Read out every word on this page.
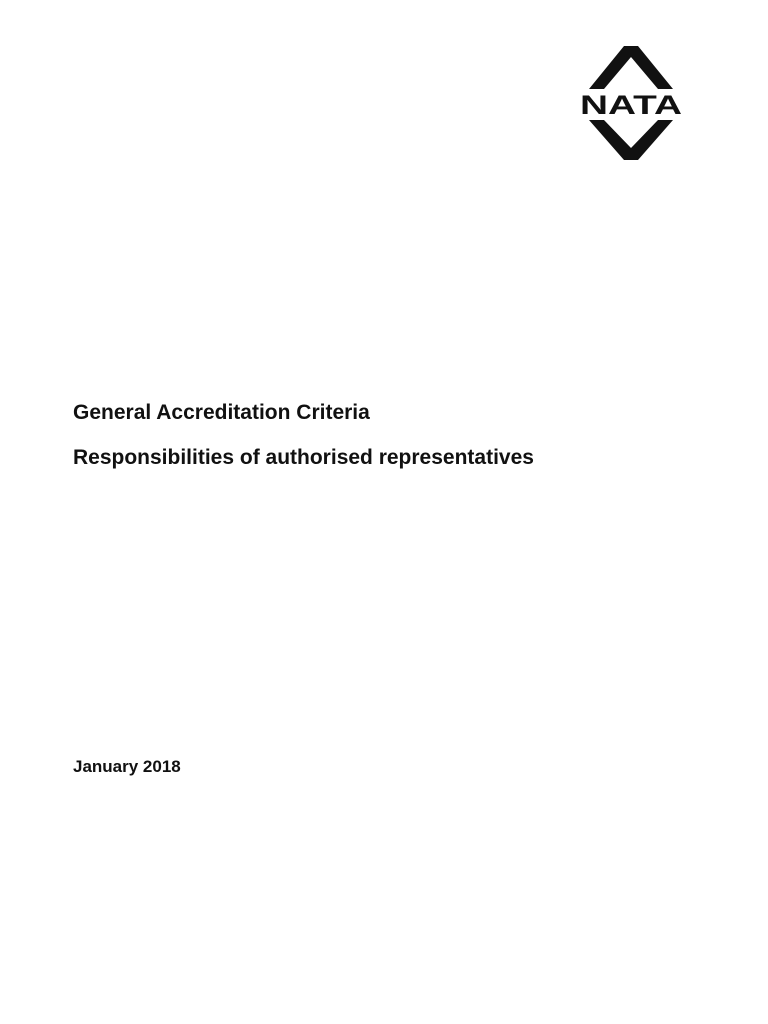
NATA
General Accreditation Criteria
Responsibilities of authorised representatives

January 2018
